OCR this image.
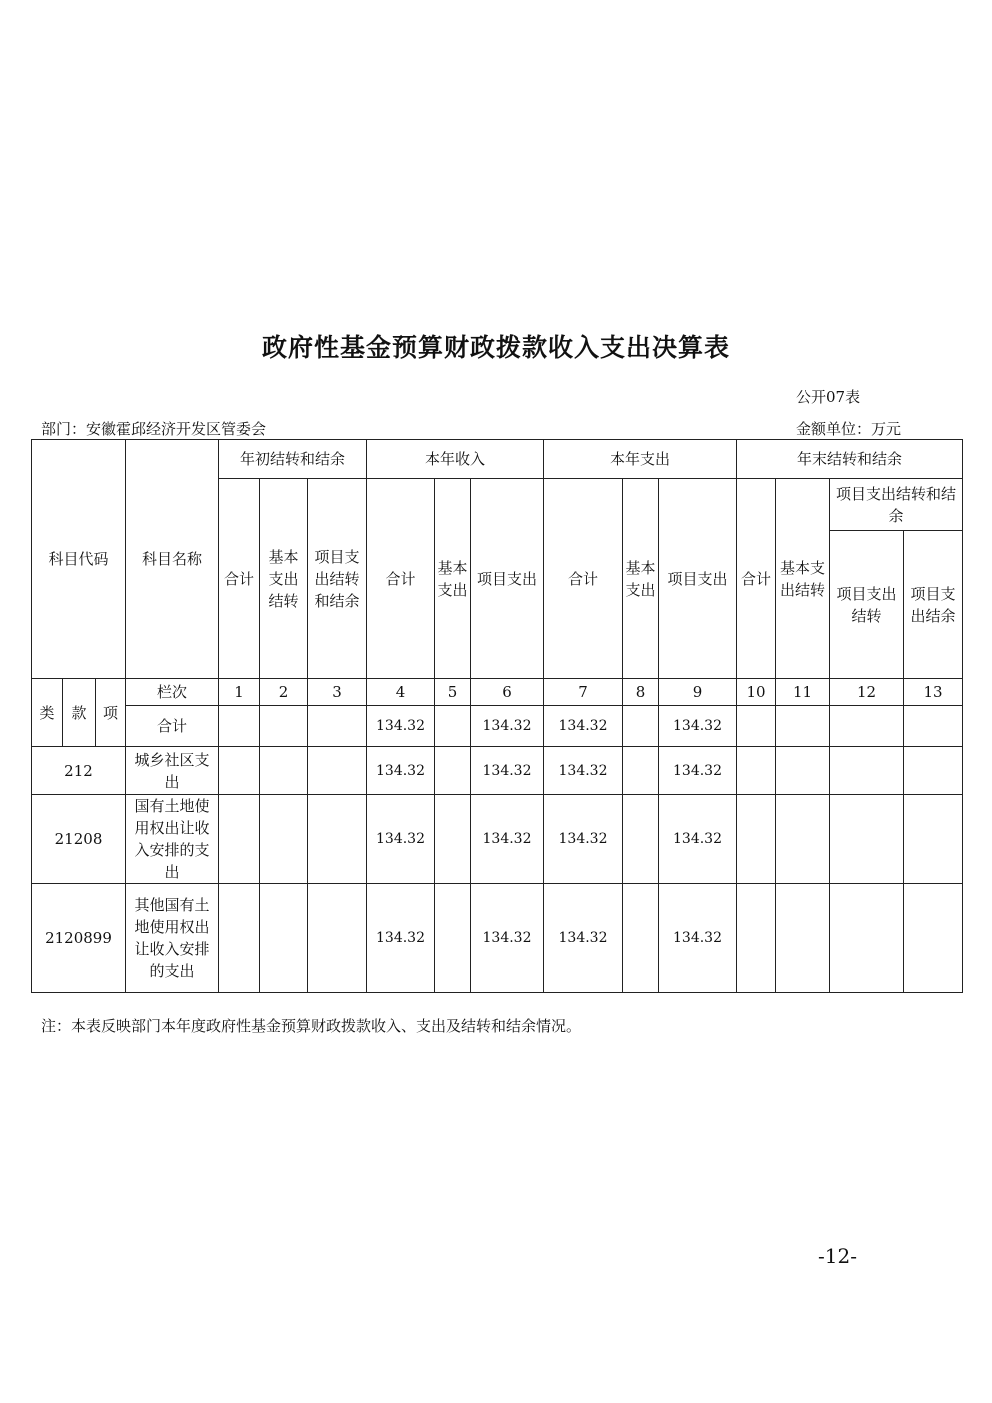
政府性基金预算财政拨款收入支出决算表
公开07表
部门：安徽霍邱经济开发区管委会	金额单位：万元
科目代码			科目名称	年初结转和结余			本年收入			本年支出			年末结转和结余			
				合计	基本支出结转	项目支出结转和结余	合计	基本支出	项目支出	合计	基本支出	项目支出	合计	基本支出结转	项目支出结转和结余	
															项目支出结转	项目支出结余
类	款	项	栏次	1	2	3	4	5	6	7	8	9	10	11	12	13
			合计				134.32		134.32	134.32		134.32				
212			城乡社区支出				134.32		134.32	134.32		134.32				
21208			国有土地使用权出让收入安排的支出				134.32		134.32	134.32		134.32				
2120899			其他国有土地使用权出让收入安排的支出				134.32		134.32	134.32		134.32				
注：本表反映部门本年度政府性基金预算财政拨款收入、支出及结转和结余情况。
-12-
